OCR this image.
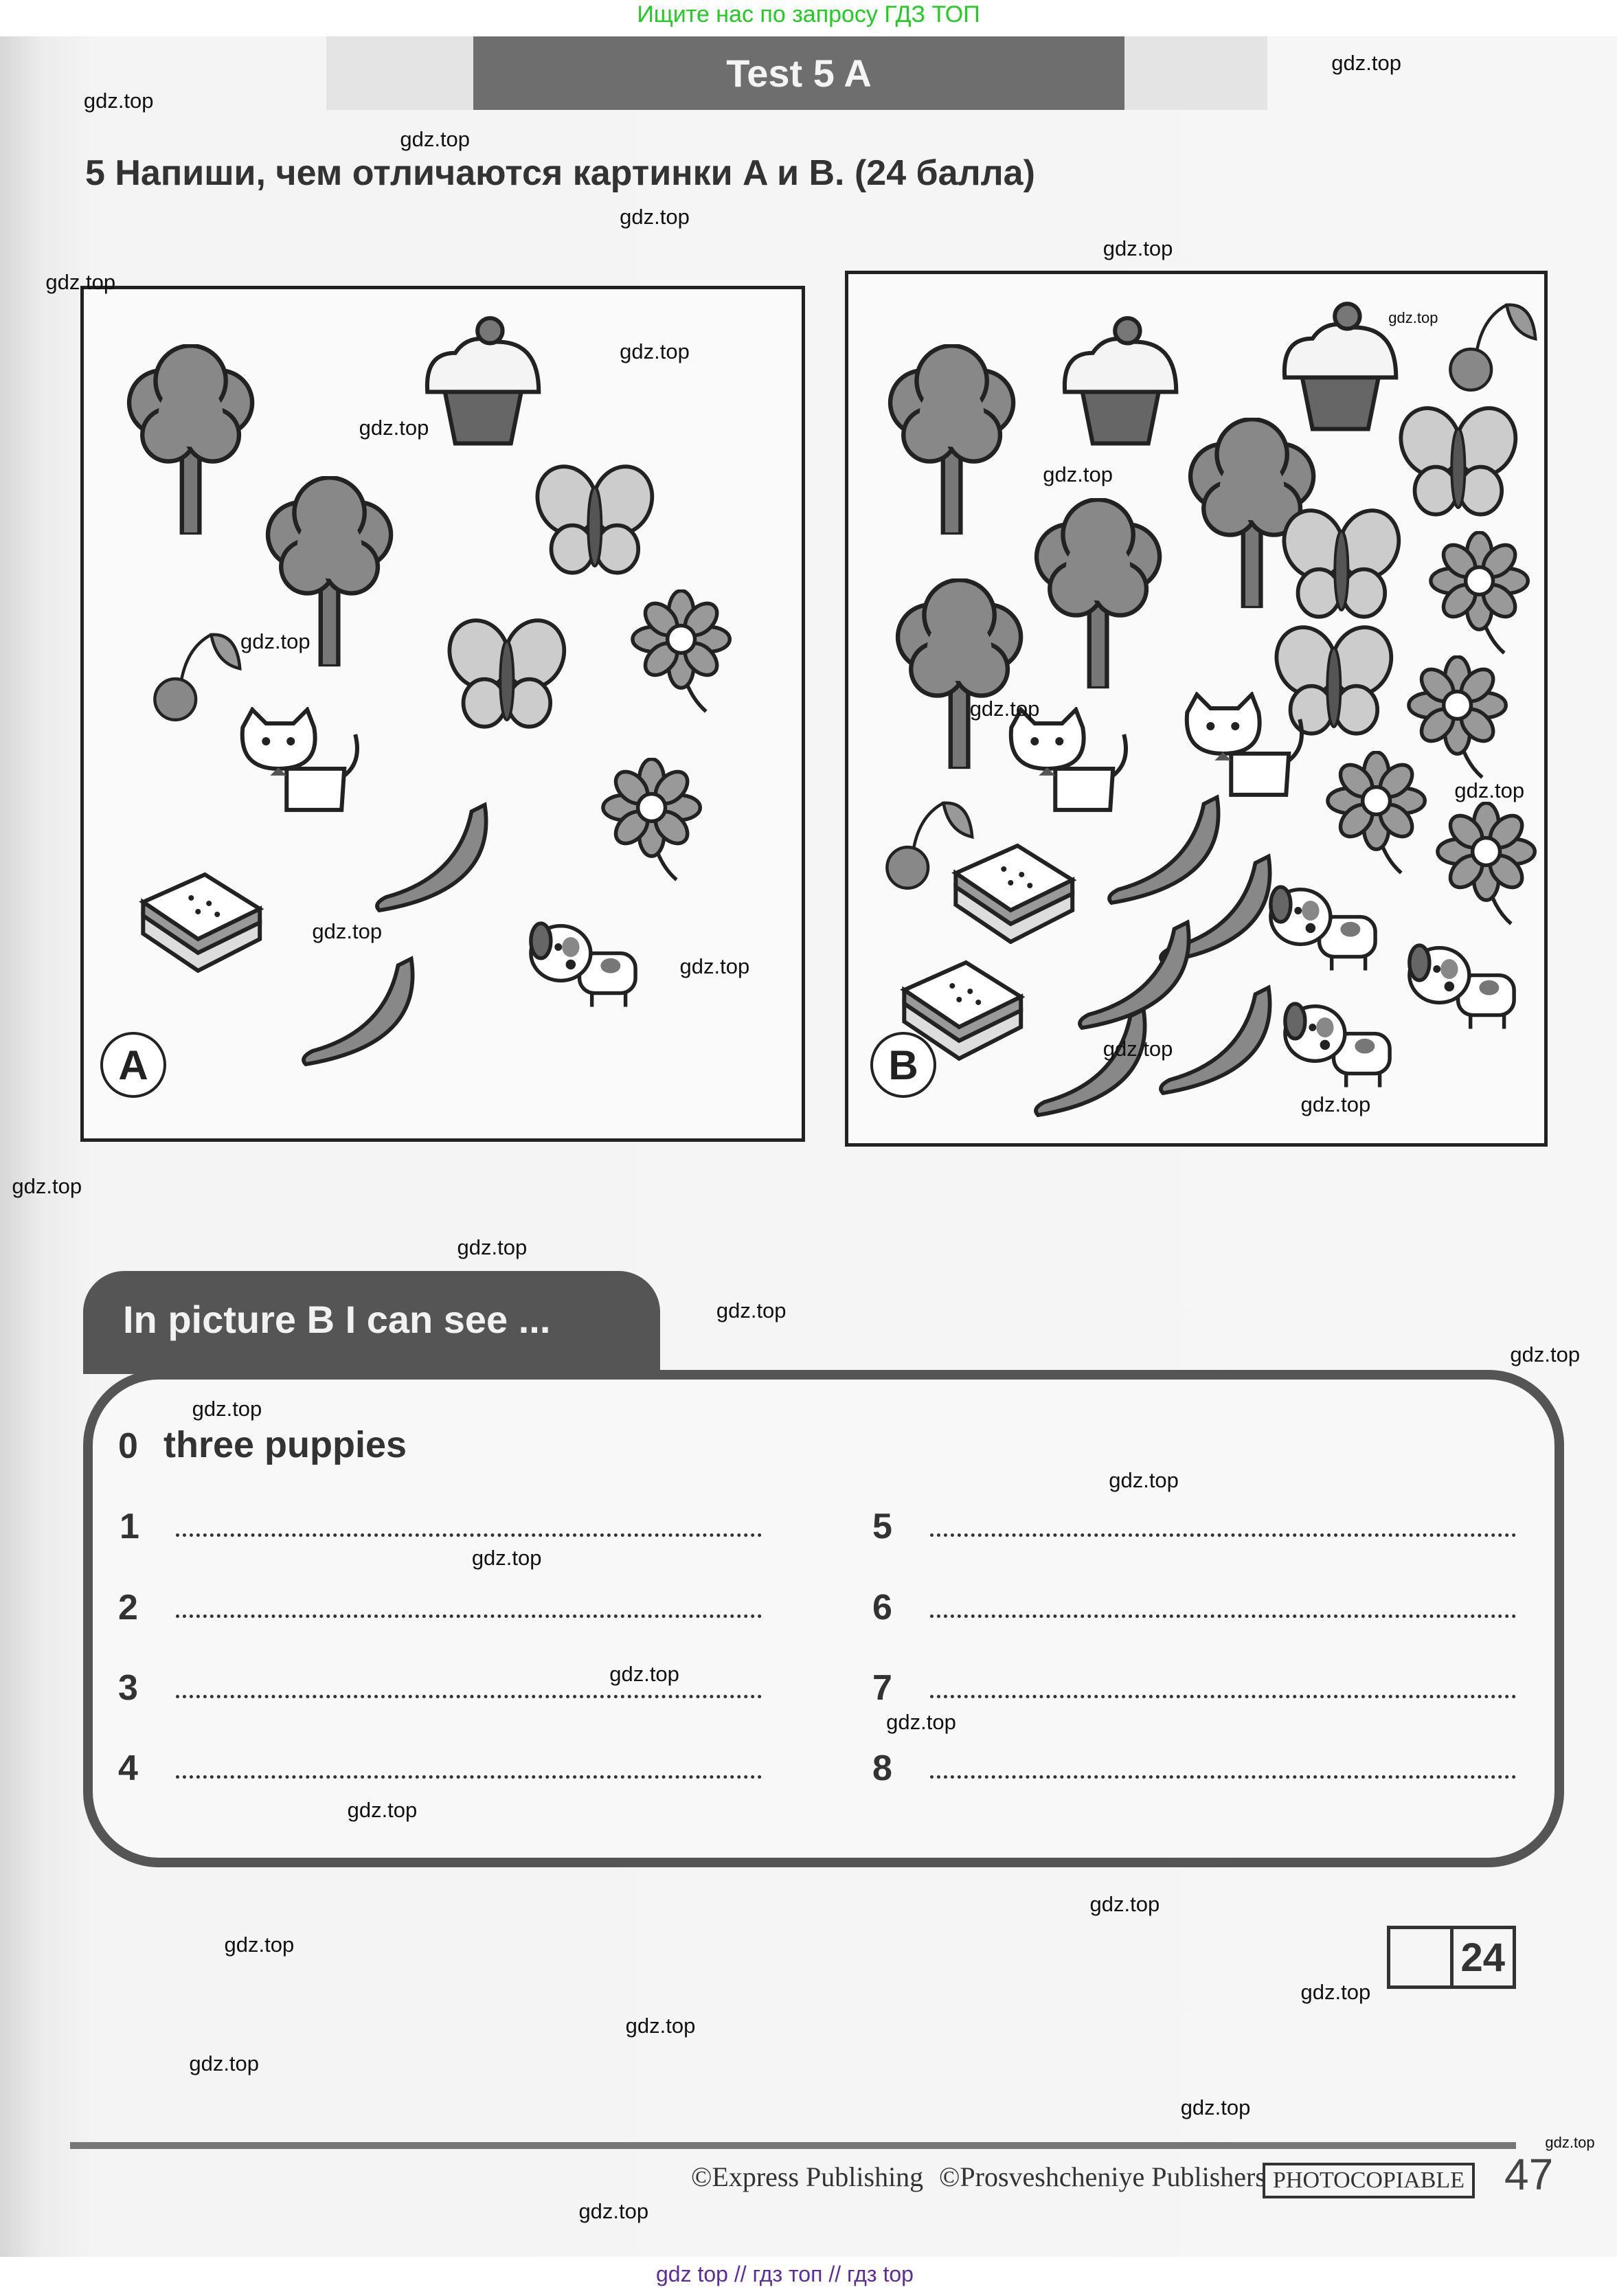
Ищите нас по запросу ГДЗ ТОП
Test 5 A
5 Напиши, чем отличаются картинки A и B. (24 балла)
A	B
In picture B I can see ...
0 three puppies
1
2
3
4
5
6
7
8
24
©Express Publishing ©Prosveshcheniye Publishers PHOTOCOPIABLE 47
gdz top // гдз топ // гдз top
gdz.top
gdz.top
gdz.top
gdz.top
gdz.top
gdz.top
gdz.top
gdz.top
gdz.top
gdz.top
gdz.top
gdz.top
gdz.top
gdz.top
gdz.top
gdz.top
gdz.top
gdz.top
gdz.top
gdz.top
gdz.top
gdz.top
gdz.top
gdz.top
gdz.top
gdz.top
gdz.top
gdz.top
gdz.top
gdz.top
gdz.top
gdz.top
gdz.top
gdz.top
gdz.top
